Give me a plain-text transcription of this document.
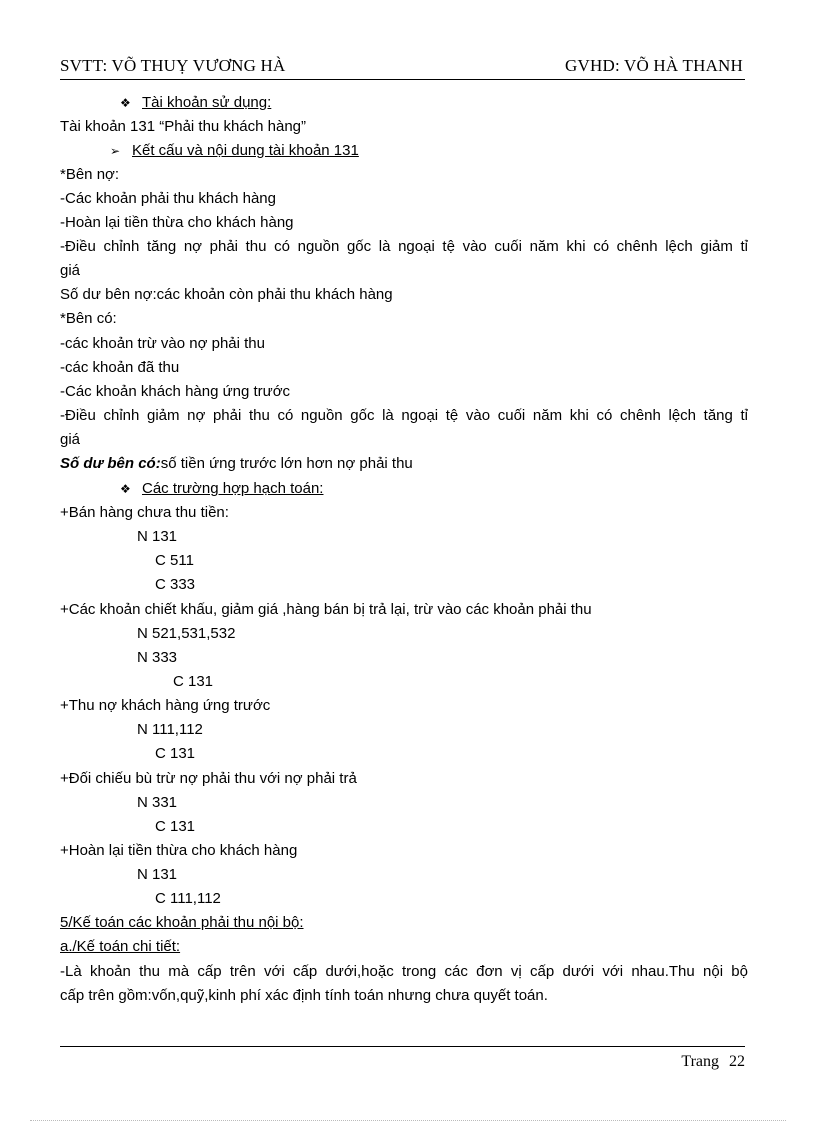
SVTT: VÕ THUỴ VƯƠNG HÀ	GVHD: VÕ HÀ THANH
❖ Tài khoản sử dụng:
Tài khoản 131 “Phải thu khách hàng”
➢ Kết cấu và nội dung tài khoản 131
*Bên nợ:
-Các khoản phải thu khách hàng
-Hoàn lại tiền thừa cho khách hàng
-Điều chỉnh tăng nợ phải thu có nguồn gốc là ngoại tệ vào cuối năm khi có chênh lệch giảm tỉ
giá
Số dư bên nợ:các khoản còn phải thu khách hàng
*Bên có:
-các khoản trừ vào nợ phải thu
-các khoản đã thu
-Các khoản khách hàng ứng trước
-Điều chỉnh giảm nợ phải thu có nguồn gốc là ngoại tệ vào cuối năm khi có chênh lệch tăng tỉ
giá
Số dư bên có:số tiền ứng trước lớn hơn nợ phải thu
❖ Các trường hợp hạch toán:
+Bán hàng chưa thu tiền:
N 131
C 511
C 333
+Các khoản chiết khấu, giảm giá ,hàng bán bị trả lại, trừ vào các khoản phải thu
N 521,531,532
N 333
C 131
+Thu nợ khách hàng ứng trước
N 111,112
C 131
+Đối chiếu bù trừ nợ phải thu với nợ phải trả
N 331
C 131
+Hoàn lại tiền thừa cho khách hàng
N 131
C 111,112
5/Kế toán các khoản phải thu nội bộ:
a./Kế toán chi tiết:
-Là khoản thu mà cấp trên với cấp dưới,hoặc trong các đơn vị cấp dưới với nhau.Thu nội bộ
cấp trên gồm:vốn,quỹ,kinh phí xác định tính toán nhưng chưa quyết toán.
Trang 22
